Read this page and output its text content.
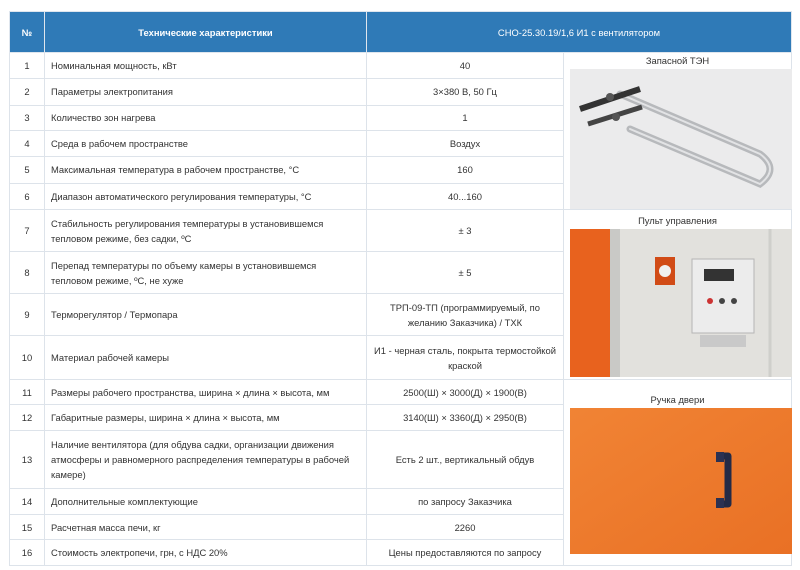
№	Технические характеристики	СНО-25.30.19/1,6 И1 с вентилятором	
1	Номинальная мощность, кВт	40	Запасной ТЭН

2	Параметры электропитания	3×380 В, 50 Гц	
3	Количество зон нагрева	1	
4	Среда в рабочем пространстве	Воздух	
5	Максимальная температура в рабочем пространстве, °С	160	
6	Диапазон автоматического регулирования температуры, °С	40...160	
7	Стабильность регулирования температуры в установившемся тепловом режиме, без садки, ºС	± 3	Пульт управления

8	Перепад температуры по объему камеры в установившемся тепловом режиме, ºС, не хуже	± 5	
9	Терморегулятор / Термопара	ТРП-09-ТП (программируемый, по желанию Заказчика) / ТХК	
10	Материал рабочей камеры	И1 - черная сталь, покрыта термостойкой краской	
11	Размеры рабочего пространства, ширина × длина × высота, мм	2500(Ш) × 3000(Д) × 1900(В)	Ручка двери

12	Габаритные размеры, ширина × длина × высота, мм	3140(Ш) × 3360(Д) × 2950(В)	
13	Наличие вентилятора (для обдува садки, организации движения атмосферы и равномерного распределения температуры в рабочей камере)	Есть 2 шт., вертикальный обдув	
14	Дополнительные комплектующие	по запросу Заказчика	
15	Расчетная масса печи, кг	2260	
16	Стоимость электропечи, грн, с НДС 20%	Цены предоставляются по запросу	
